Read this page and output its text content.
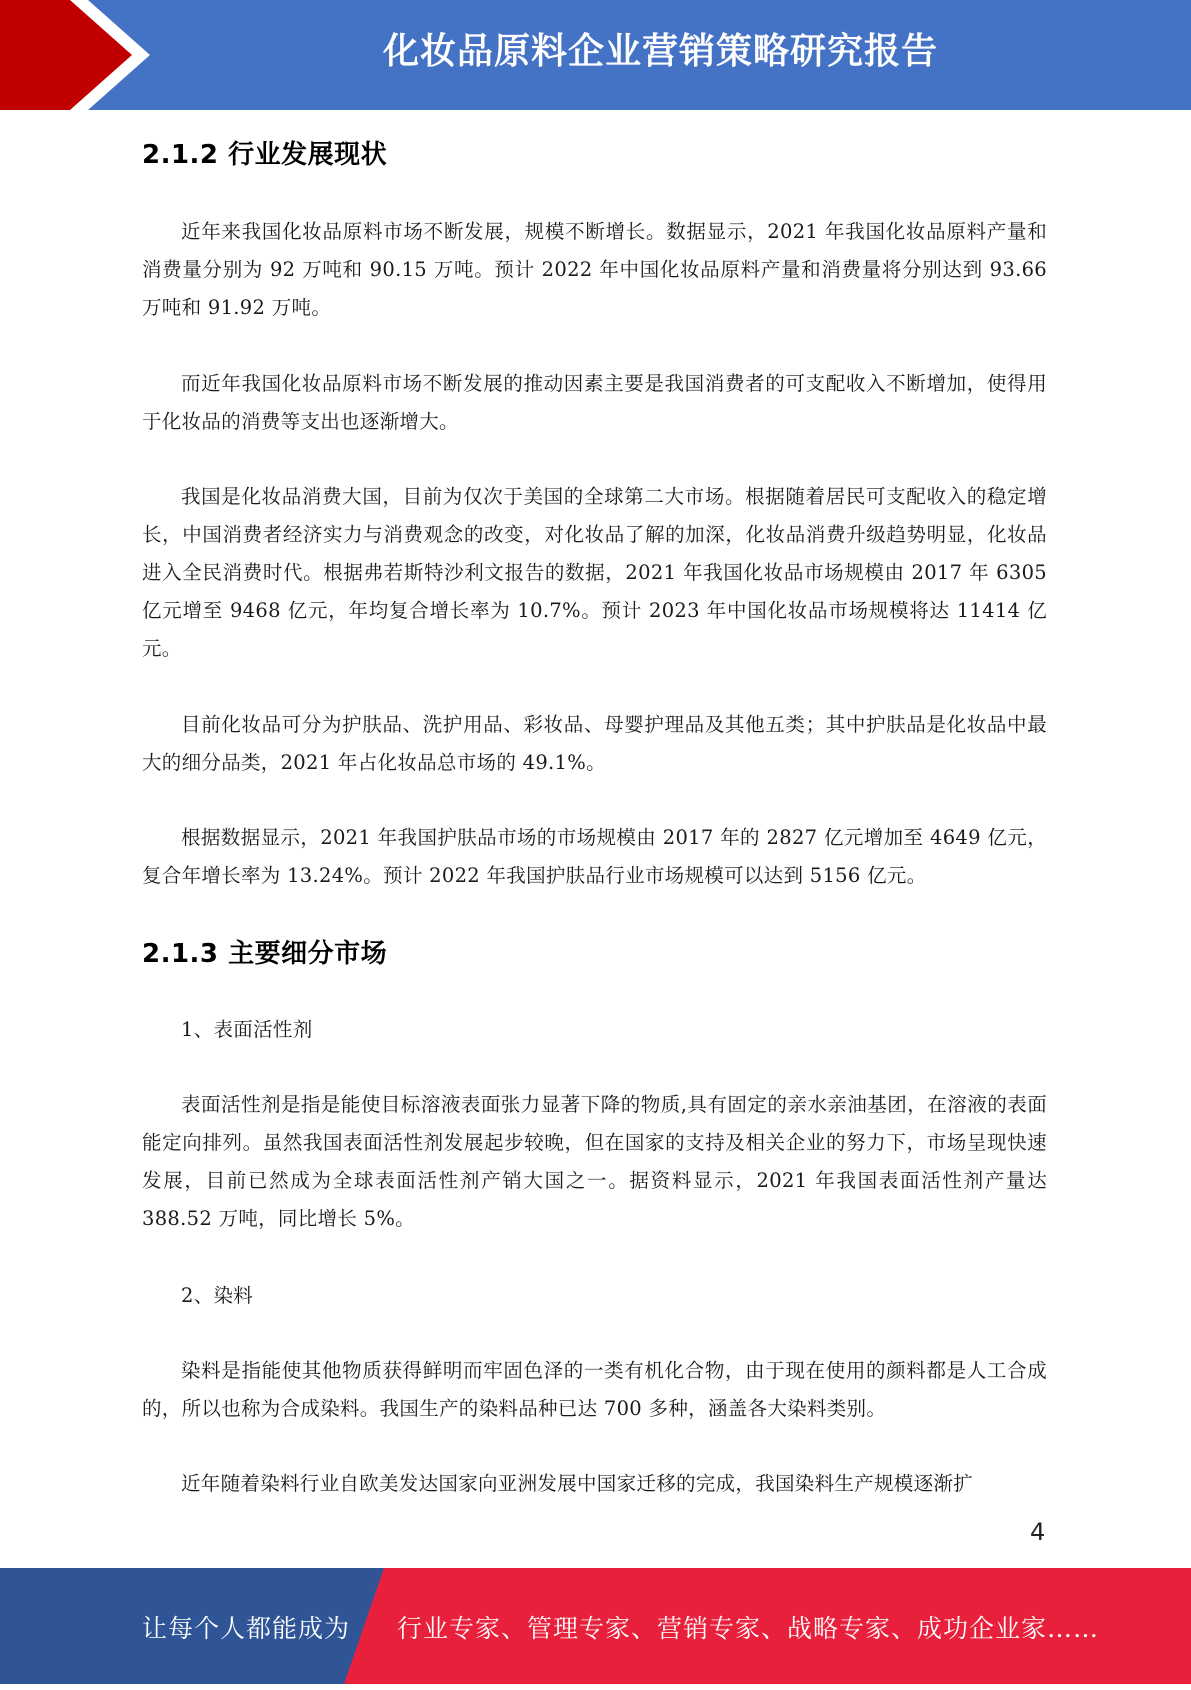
化妆品原料企业营销策略研究报告
2.1.2 行业发展现状

近年来我国化妆品原料市场不断发展，规模不断增长。数据显示，2021 年我国化妆品原料产量和消费量分别为 92 万吨和 90.15 万吨。预计 2022 年中国化妆品原料产量和消费量将分别达到 93.66 万吨和 91.92 万吨。

而近年我国化妆品原料市场不断发展的推动因素主要是我国消费者的可支配收入不断增加，使得用于化妆品的消费等支出也逐渐增大。

我国是化妆品消费大国，目前为仅次于美国的全球第二大市场。根据随着居民可支配收入的稳定增长，中国消费者经济实力与消费观念的改变，对化妆品了解的加深，化妆品消费升级趋势明显，化妆品进入全民消费时代。根据弗若斯特沙利文报告的数据，2021 年我国化妆品市场规模由 2017 年 6305 亿元增至 9468 亿元，年均复合增长率为 10.7%。预计 2023 年中国化妆品市场规模将达 11414 亿元。

目前化妆品可分为护肤品、洗护用品、彩妆品、母婴护理品及其他五类；其中护肤品是化妆品中最大的细分品类，2021 年占化妆品总市场的 49.1%。

根据数据显示，2021 年我国护肤品市场的市场规模由 2017 年的 2827 亿元增加至 4649 亿元，复合年增长率为 13.24%。预计 2022 年我国护肤品行业市场规模可以达到 5156 亿元。

2.1.3 主要细分市场

1、表面活性剂

表面活性剂是指是能使目标溶液表面张力显著下降的物质,具有固定的亲水亲油基团，在溶液的表面能定向排列。虽然我国表面活性剂发展起步较晚，但在国家的支持及相关企业的努力下，市场呈现快速发展，目前已然成为全球表面活性剂产销大国之一。据资料显示，2021 年我国表面活性剂产量达 388.52 万吨，同比增长 5%。

2、染料

染料是指能使其他物质获得鲜明而牢固色泽的一类有机化合物，由于现在使用的颜料都是人工合成的，所以也称为合成染料。我国生产的染料品种已达 700 多种，涵盖各大染料类别。

近年随着染料行业自欧美发达国家向亚洲发展中国家迁移的完成，我国染料生产规模逐渐扩

4
让每个人都能成为 行业专家、管理专家、营销专家、战略专家、成功企业家……
